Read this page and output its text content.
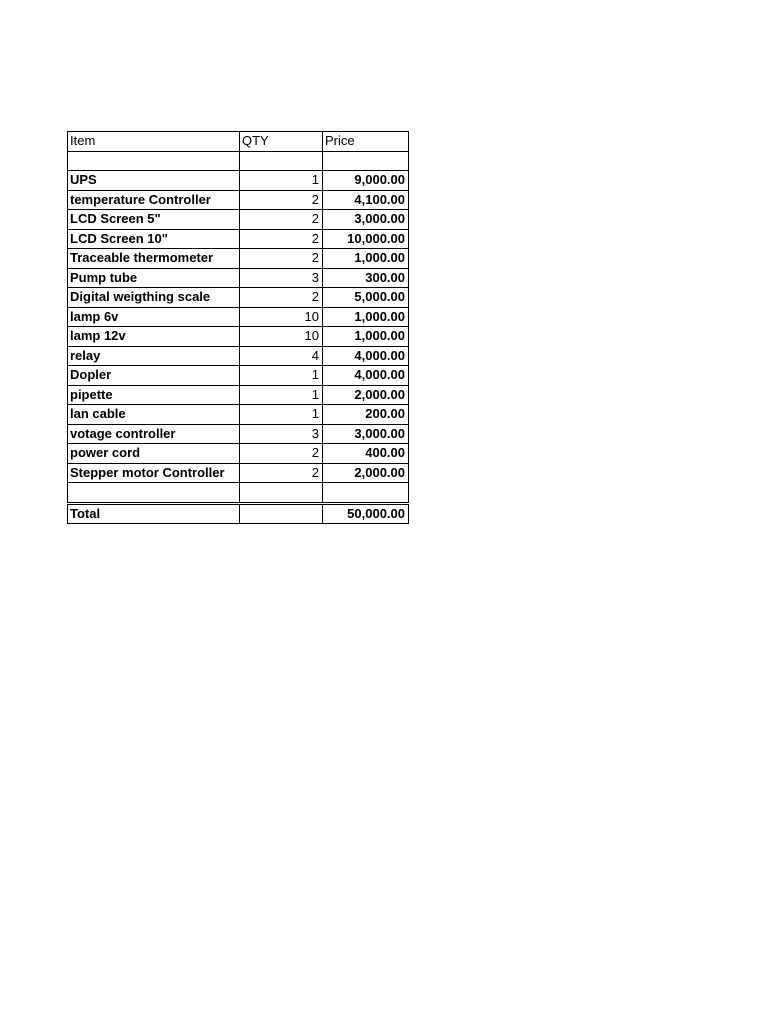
Item	QTY	Price

UPS	1	9,000.00
temperature Controller	2	4,100.00
LCD Screen 5"	2	3,000.00
LCD Screen 10"	2	10,000.00
Traceable thermometer	2	1,000.00
Pump tube	3	300.00
Digital weigthing scale	2	5,000.00
lamp 6v	10	1,000.00
lamp 12v	10	1,000.00
relay	4	4,000.00
Dopler	1	4,000.00
pipette	1	2,000.00
lan cable	1	200.00
votage controller	3	3,000.00
power cord	2	400.00
Stepper motor Controller	2	2,000.00

Total		50,000.00
